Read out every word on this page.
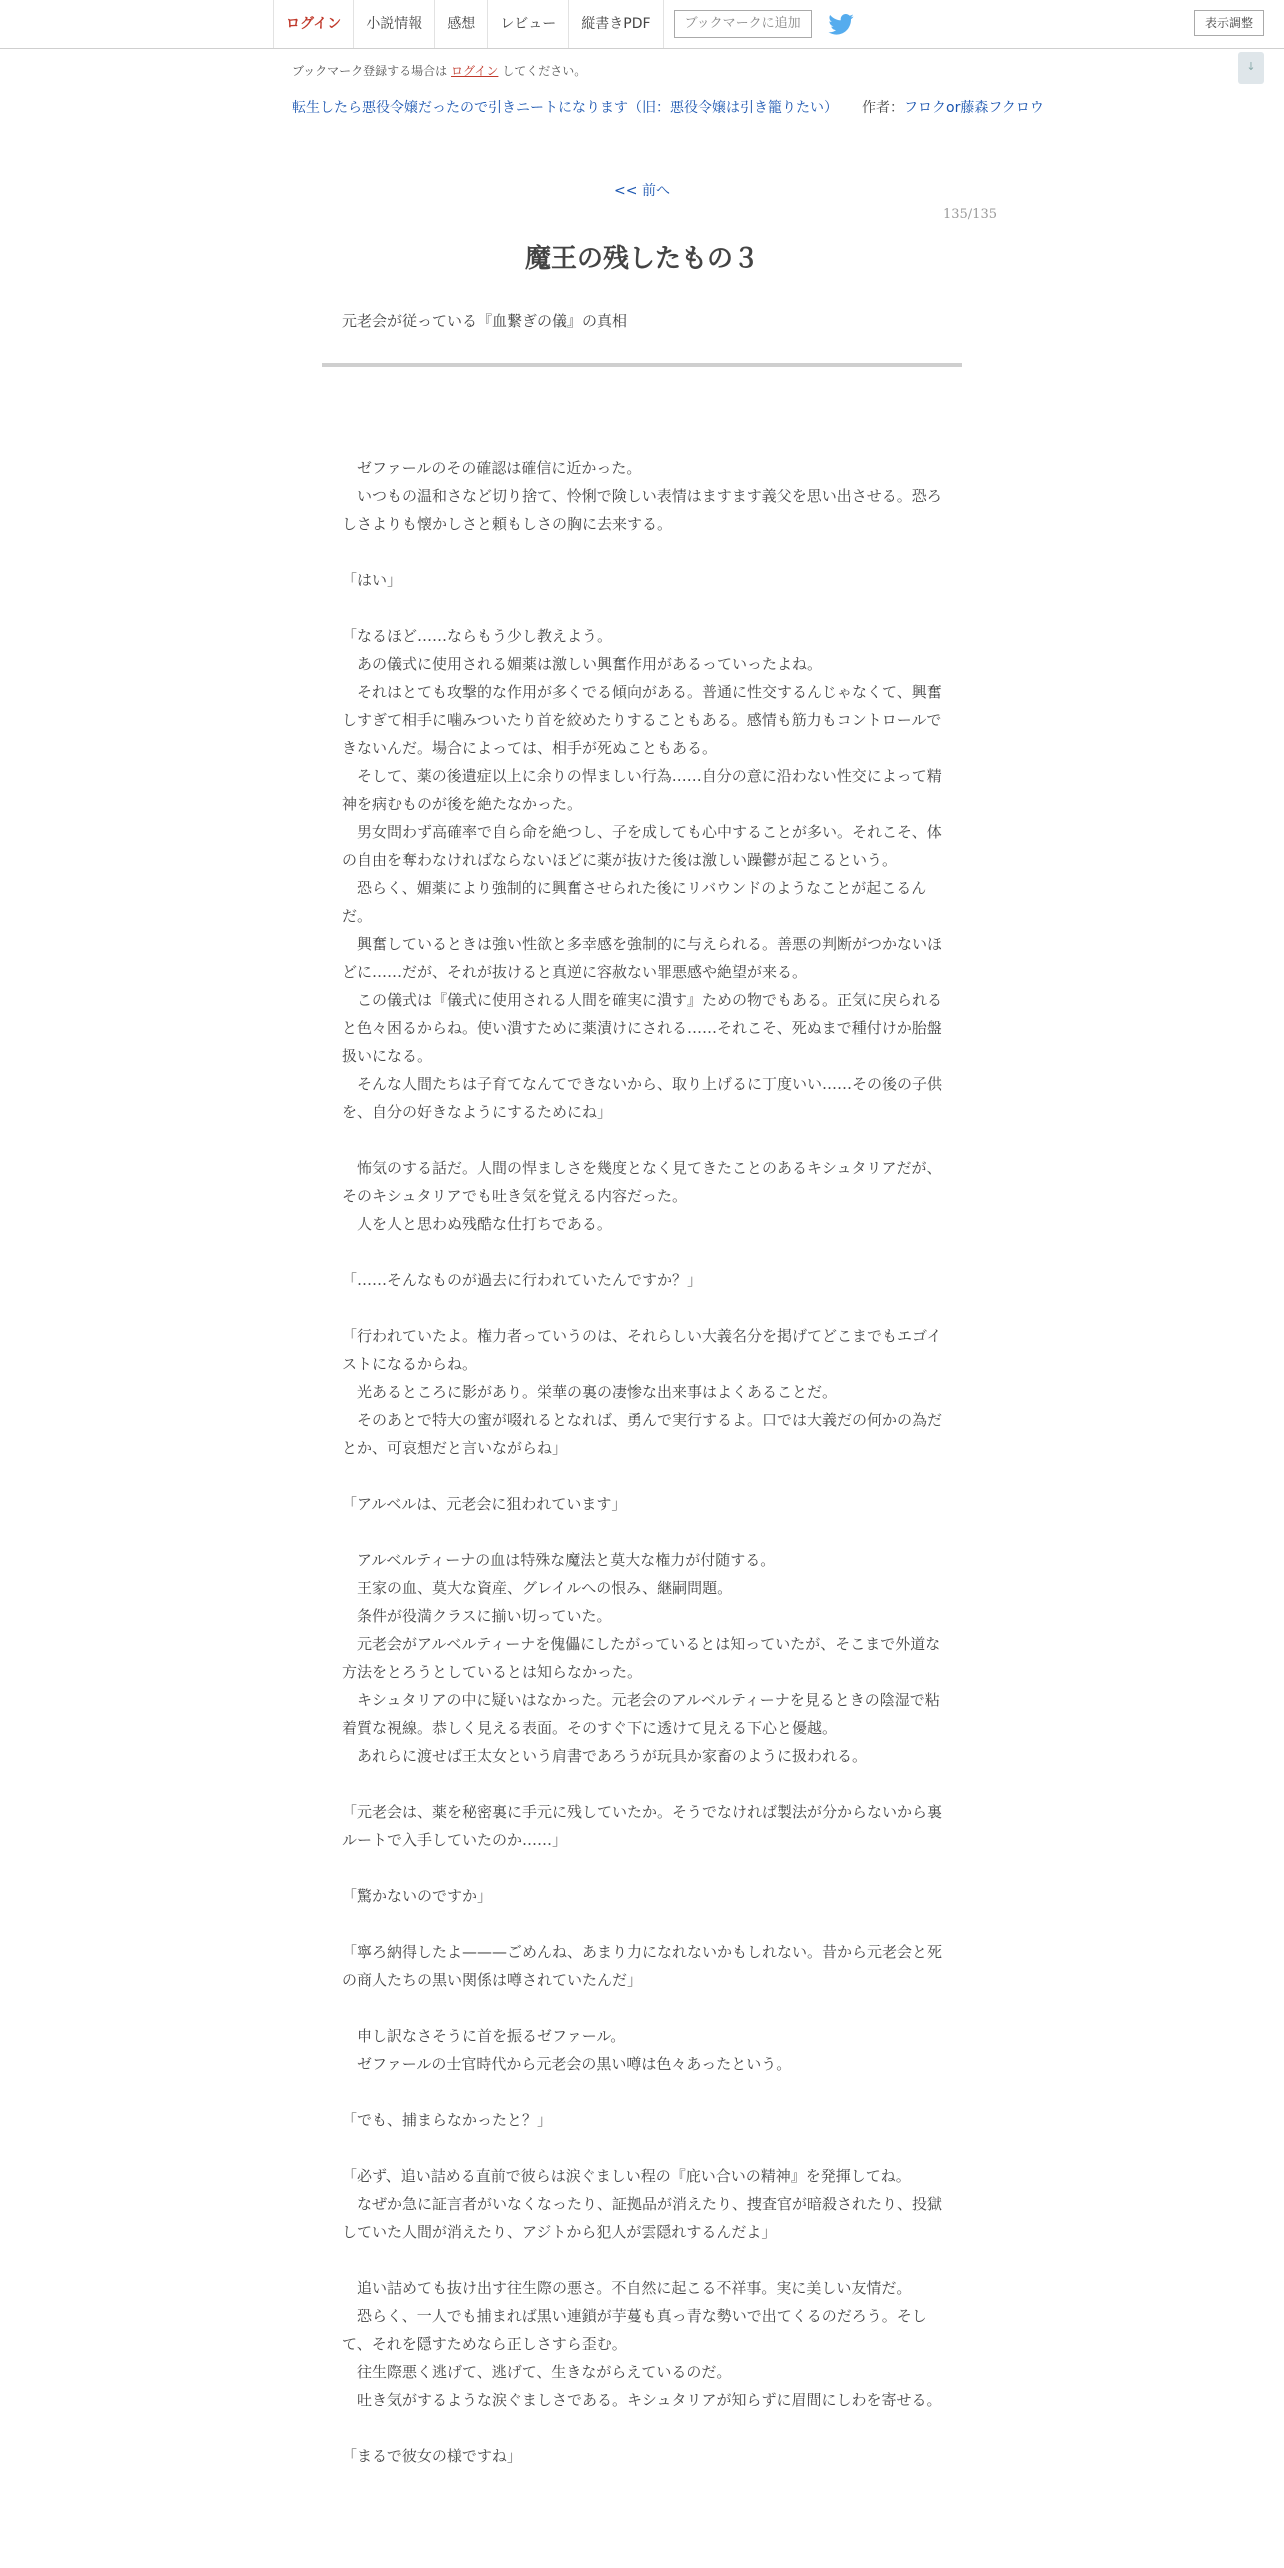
ログイン	小説情報	感想	レビュー	縦書きPDF	ブックマークに追加	表示調整
↓
ブックマーク登録する場合は ログイン してください。
転生したら悪役令嬢だったので引きニートになります（旧：悪役令嬢は引き籠りたい）	作者：フロクor藤森フクロウ
<< 前へ
135/135
魔王の残したもの３
元老会が従っている『血繋ぎの儀』の真相

　ゼファールのその確認は確信に近かった。

　いつもの温和さなど切り捨て、怜悧で険しい表情はますます義父を思い出させる。恐ろしさよりも懐かしさと頼もしさの胸に去来する。

「はい」

「なるほど……ならもう少し教えよう。

　あの儀式に使用される媚薬は激しい興奮作用があるっていったよね。

　それはとても攻撃的な作用が多くでる傾向がある。普通に性交するんじゃなくて、興奮しすぎて相手に噛みついたり首を絞めたりすることもある。感情も筋力もコントロールできないんだ。場合によっては、相手が死ぬこともある。

　そして、薬の後遺症以上に余りの悍ましい行為……自分の意に沿わない性交によって精神を病むものが後を絶たなかった。

　男女問わず高確率で自ら命を絶つし、子を成しても心中することが多い。それこそ、体の自由を奪わなければならないほどに薬が抜けた後は激しい躁鬱が起こるという。

　恐らく、媚薬により強制的に興奮させられた後にリバウンドのようなことが起こるんだ。

　興奮しているときは強い性欲と多幸感を強制的に与えられる。善悪の判断がつかないほどに……だが、それが抜けると真逆に容赦ない罪悪感や絶望が来る。

　この儀式は『儀式に使用される人間を確実に潰す』ための物でもある。正気に戻られると色々困るからね。使い潰すために薬漬けにされる……それこそ、死ぬまで種付けか胎盤扱いになる。

　そんな人間たちは子育てなんてできないから、取り上げるに丁度いい……その後の子供を、自分の好きなようにするためにね」

　怖気のする話だ。人間の悍ましさを幾度となく見てきたことのあるキシュタリアだが、そのキシュタリアでも吐き気を覚える内容だった。

　人を人と思わぬ残酷な仕打ちである。

「……そんなものが過去に行われていたんですか？」

「行われていたよ。権力者っていうのは、それらしい大義名分を掲げてどこまでもエゴイストになるからね。

　光あるところに影があり。栄華の裏の凄惨な出来事はよくあることだ。

　そのあとで特大の蜜が啜れるとなれば、勇んで実行するよ。口では大義だの何かの為だとか、可哀想だと言いながらね」

「アルベルは、元老会に狙われています」

　アルベルティーナの血は特殊な魔法と莫大な権力が付随する。

　王家の血、莫大な資産、グレイルへの恨み、継嗣問題。

　条件が役満クラスに揃い切っていた。

　元老会がアルベルティーナを傀儡にしたがっているとは知っていたが、そこまで外道な方法をとろうとしているとは知らなかった。

　キシュタリアの中に疑いはなかった。元老会のアルベルティーナを見るときの陰湿で粘着質な視線。恭しく見える表面。そのすぐ下に透けて見える下心と優越。

　あれらに渡せば王太女という肩書であろうが玩具か家畜のように扱われる。

「元老会は、薬を秘密裏に手元に残していたか。そうでなければ製法が分からないから裏ルートで入手していたのか……」

「驚かないのですか」

「寧ろ納得したよ———ごめんね、あまり力になれないかもしれない。昔から元老会と死の商人たちの黒い関係は噂されていたんだ」

　申し訳なさそうに首を振るゼファール。

　ゼファールの士官時代から元老会の黒い噂は色々あったという。

「でも、捕まらなかったと？」

「必ず、追い詰める直前で彼らは涙ぐましい程の『庇い合いの精神』を発揮してね。

　なぜか急に証言者がいなくなったり、証拠品が消えたり、捜査官が暗殺されたり、投獄していた人間が消えたり、アジトから犯人が雲隠れするんだよ」

　追い詰めても抜け出す往生際の悪さ。不自然に起こる不祥事。実に美しい友情だ。

　恐らく、一人でも捕まれば黒い連鎖が芋蔓も真っ青な勢いで出てくるのだろう。そして、それを隠すためなら正しさすら歪む。

　往生際悪く逃げて、逃げて、生きながらえているのだ。

　吐き気がするような涙ぐましさである。キシュタリアが知らずに眉間にしわを寄せる。

「まるで彼女の様ですね」
